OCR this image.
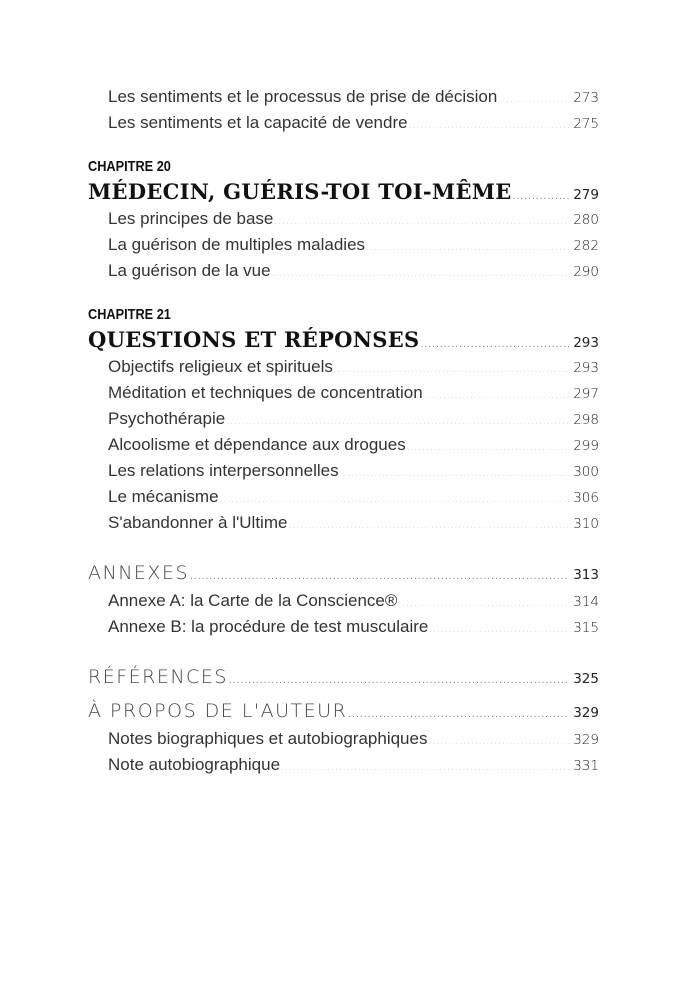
Les sentiments et le processus de prise de décision .....	273
Les sentiments et la capacité de vendre .....	275
CHAPITRE 20
MÉDECIN, GUÉRIS-TOI TOI-MÊME .....	279
Les principes de base .....	280
La guérison de multiples maladies .....	282
La guérison de la vue .....	290
CHAPITRE 21
QUESTIONS ET RÉPONSES .....	293
Objectifs religieux et spirituels .....	293
Méditation et techniques de concentration .....	297
Psychothérapie .....	298
Alcoolisme et dépendance aux drogues .....	299
Les relations interpersonnelles .....	300
Le mécanisme .....	306
S'abandonner à l'Ultime .....	310
ANNEXES .....	313
Annexe A: la Carte de la Conscience® .....	314
Annexe B: la procédure de test musculaire .....	315
RÉFÉRENCES .....	325
À PROPOS DE L'AUTEUR .....	329
Notes biographiques et autobiographiques .....	329
Note autobiographique .....	331
